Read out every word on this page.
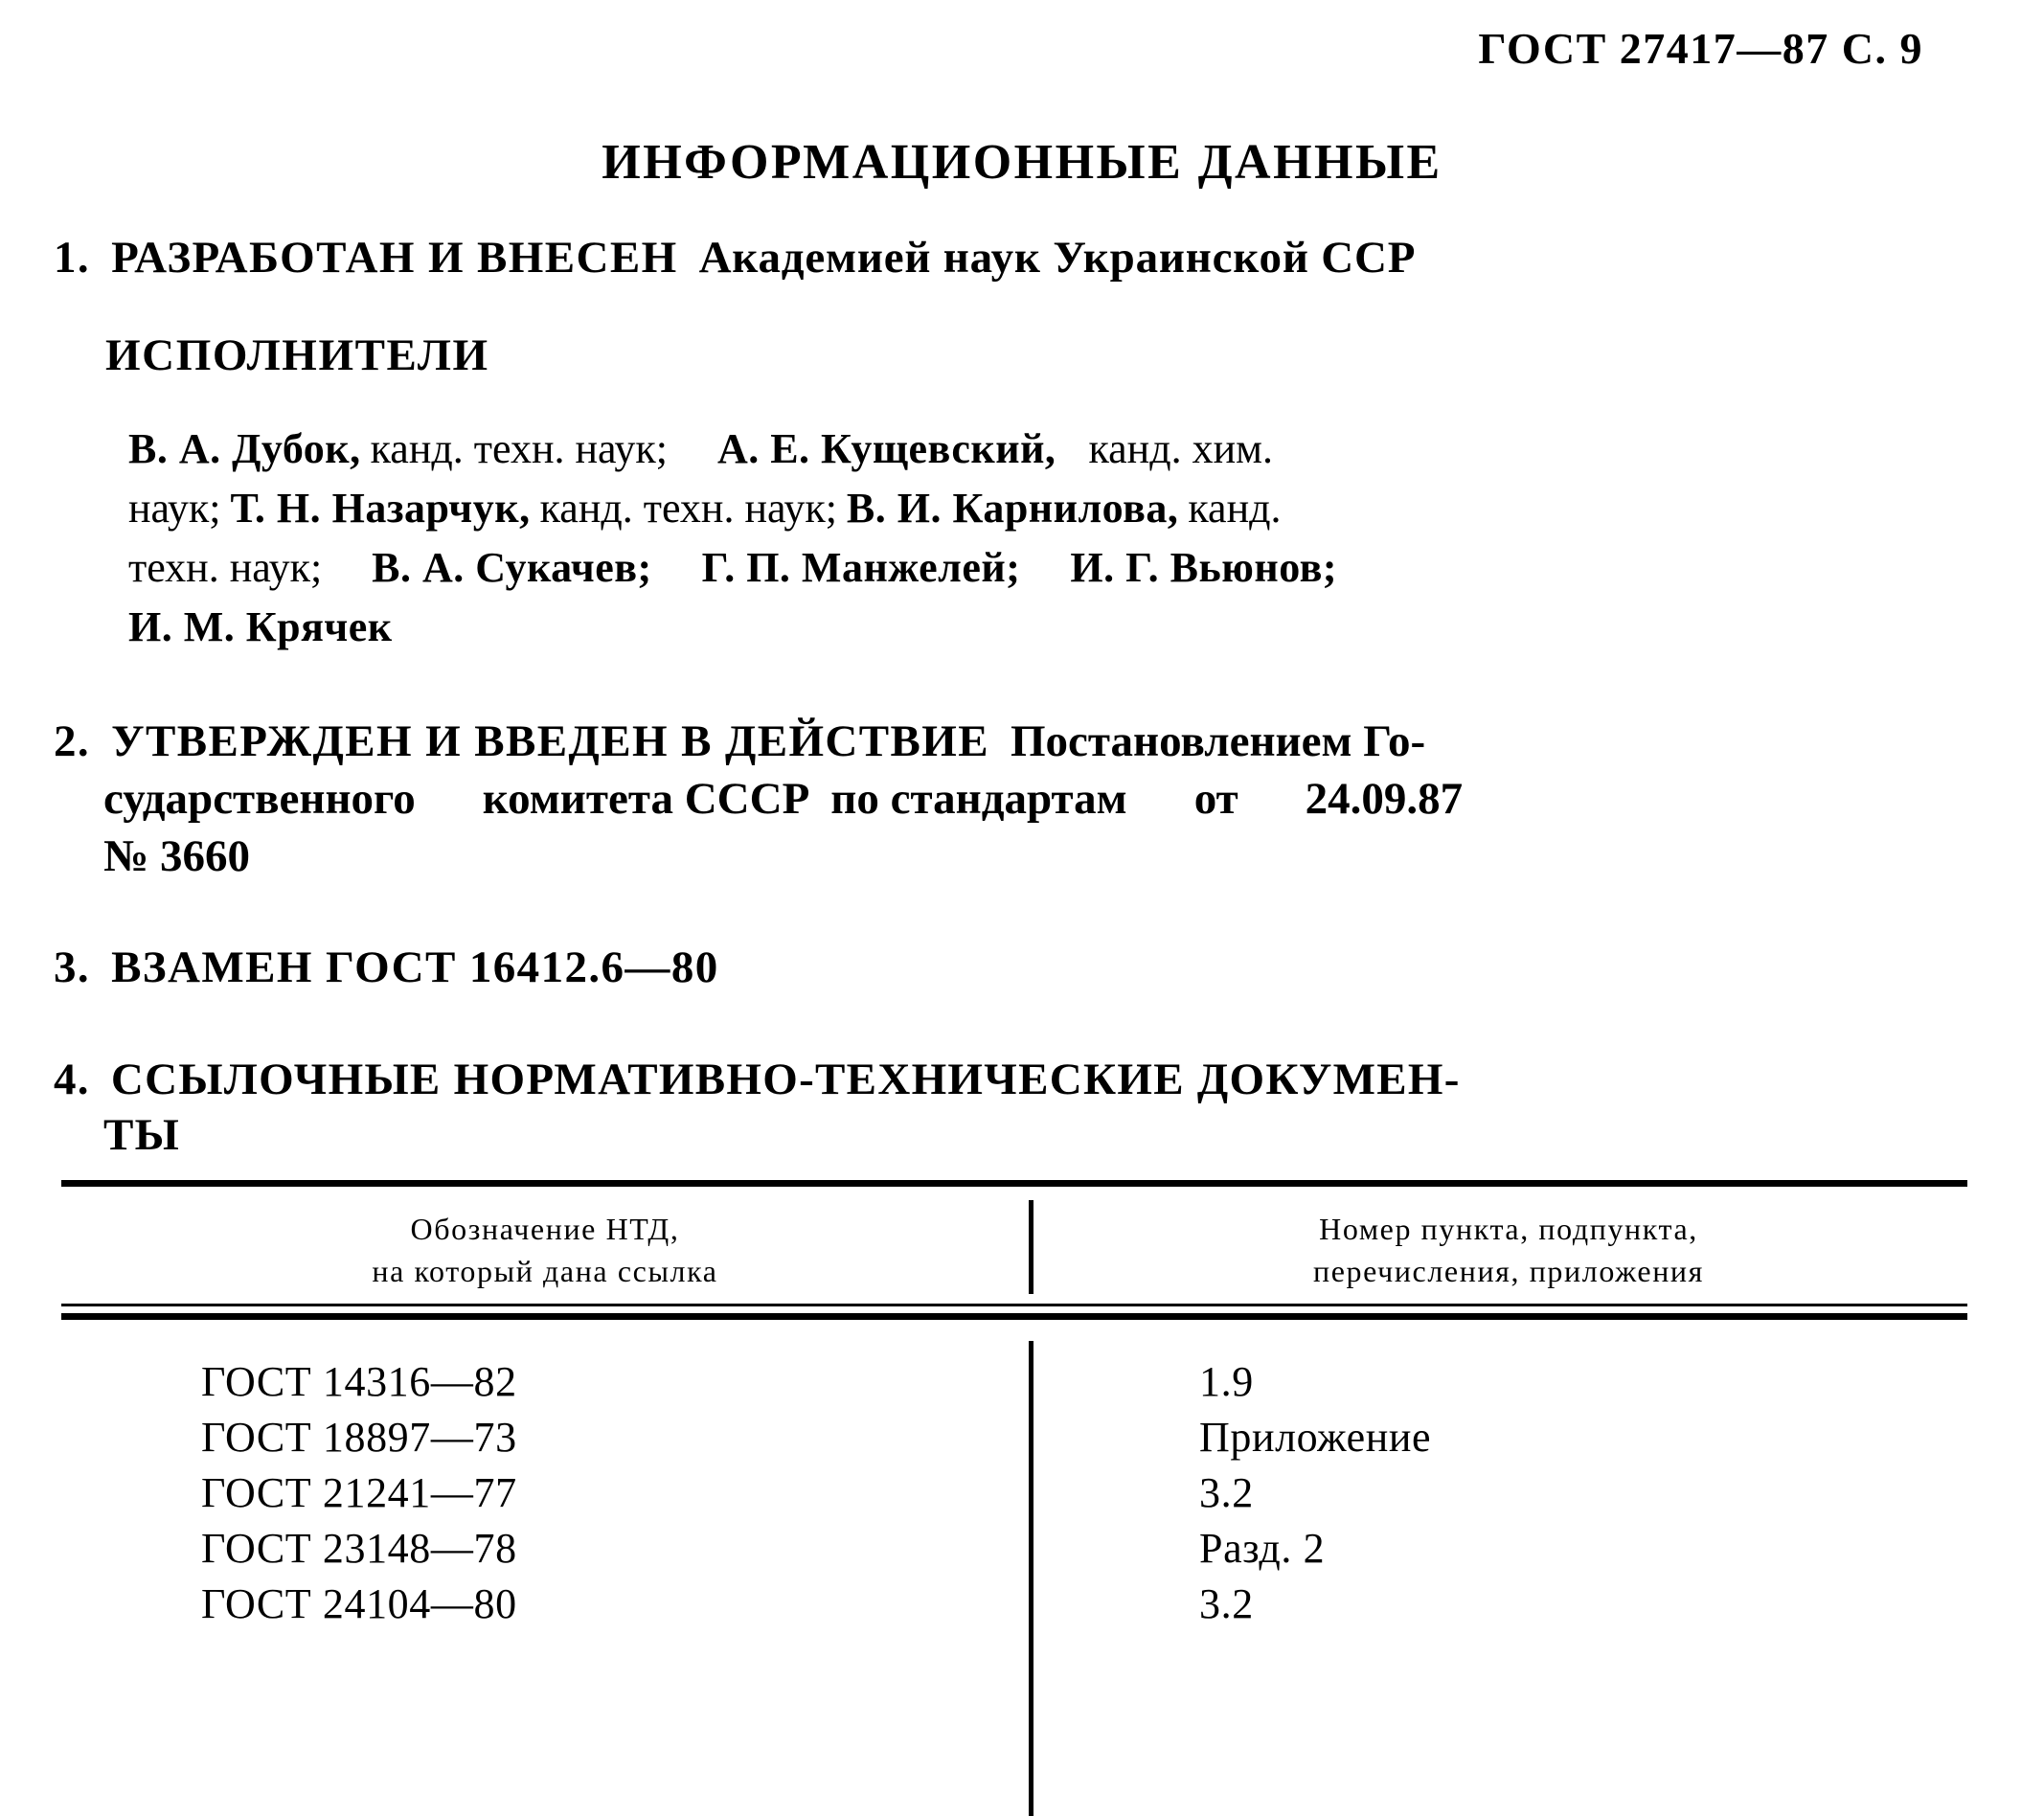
ГОСТ 27417—87 С. 9
ИНФОРМАЦИОННЫЕ ДАННЫЕ
1. РАЗРАБОТАН И ВНЕСЕН Академией наук Украинской ССР
ИСПОЛНИТЕЛИ
В. А. Дубок, канд. техн. наук; А. Е. Кущевский, канд. хим.
наук; Т. Н. Назарчук, канд. техн. наук; В. И. Карнилова, канд.
техн. наук; В. А. Сукачев; Г. П. Манжелей; И. Г. Вьюнов;
И. М. Крячек
2. УТВЕРЖДЕН И ВВЕДЕН В ДЕЙСТВИЕ Постановлением Го-
сударственного комитета СССР по стандартам от 24.09.87
№ 3660
3. ВЗАМЕН ГОСТ 16412.6—80
4. ССЫЛОЧНЫЕ НОРМАТИВНО-ТЕХНИЧЕСКИЕ ДОКУМЕН-
ТЫ
Обозначение НТД,
на который дана ссылка
Номер пункта, подпункта,
перечисления, приложения
ГОСТ 14316—82
ГОСТ 18897—73
ГОСТ 21241—77
ГОСТ 23148—78
ГОСТ 24104—80
1.9
Приложение
3.2
Разд. 2
3.2
